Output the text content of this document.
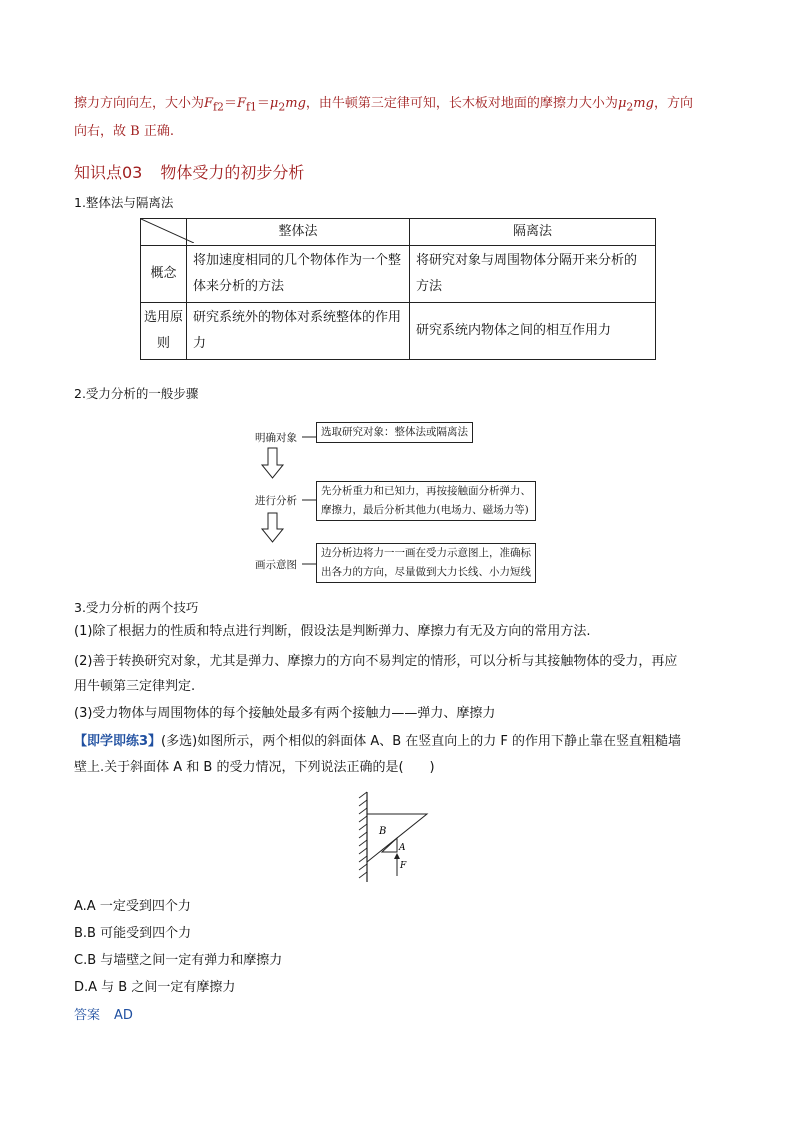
擦力方向向左，大小为$F_{f2}=F_{f1}=\mu_2mg$，由牛顿第三定律可知，长木板对地面的摩擦力大小为$\mu_2mg$，方向
向右，故 B 正确.
知识点03 物体受力的初步分析
1.整体法与隔离法
	整体法	隔离法
概念	将加速度相同的几个物体作为一个整体来分析的方法	将研究对象与周围物体分隔开来分析的方法
选用原则	研究系统外的物体对系统整体的作用力	研究系统内物体之间的相互作用力
2.受力分析的一般步骤
明确对象
进行分析
画示意图
选取研究对象：整体法或隔离法
先分析重力和已知力，再按接触面分析弹力、
摩擦力，最后分析其他力(电场力、磁场力等)
边分析边将力一一画在受力示意图上，准确标
出各力的方向，尽量做到大力长线、小力短线
3.受力分析的两个技巧
(1)除了根据力的性质和特点进行判断，假设法是判断弹力、摩擦力有无及方向的常用方法.
(2)善于转换研究对象，尤其是弹力、摩擦力的方向不易判定的情形，可以分析与其接触物体的受力，再应
用牛顿第三定律判定.
(3)受力物体与周围物体的每个接触处最多有两个接触力——弹力、摩擦力
【即学即练3】(多选)如图所示，两个相似的斜面体 A、B 在竖直向上的力 F 的作用下静止靠在竖直粗糙墙
壁上.关于斜面体 A 和 B 的受力情况，下列说法正确的是(　　)
B
A
F
A.A 一定受到四个力
B.B 可能受到四个力
C.B 与墙壁之间一定有弹力和摩擦力
D.A 与 B 之间一定有摩擦力
答案 AD
